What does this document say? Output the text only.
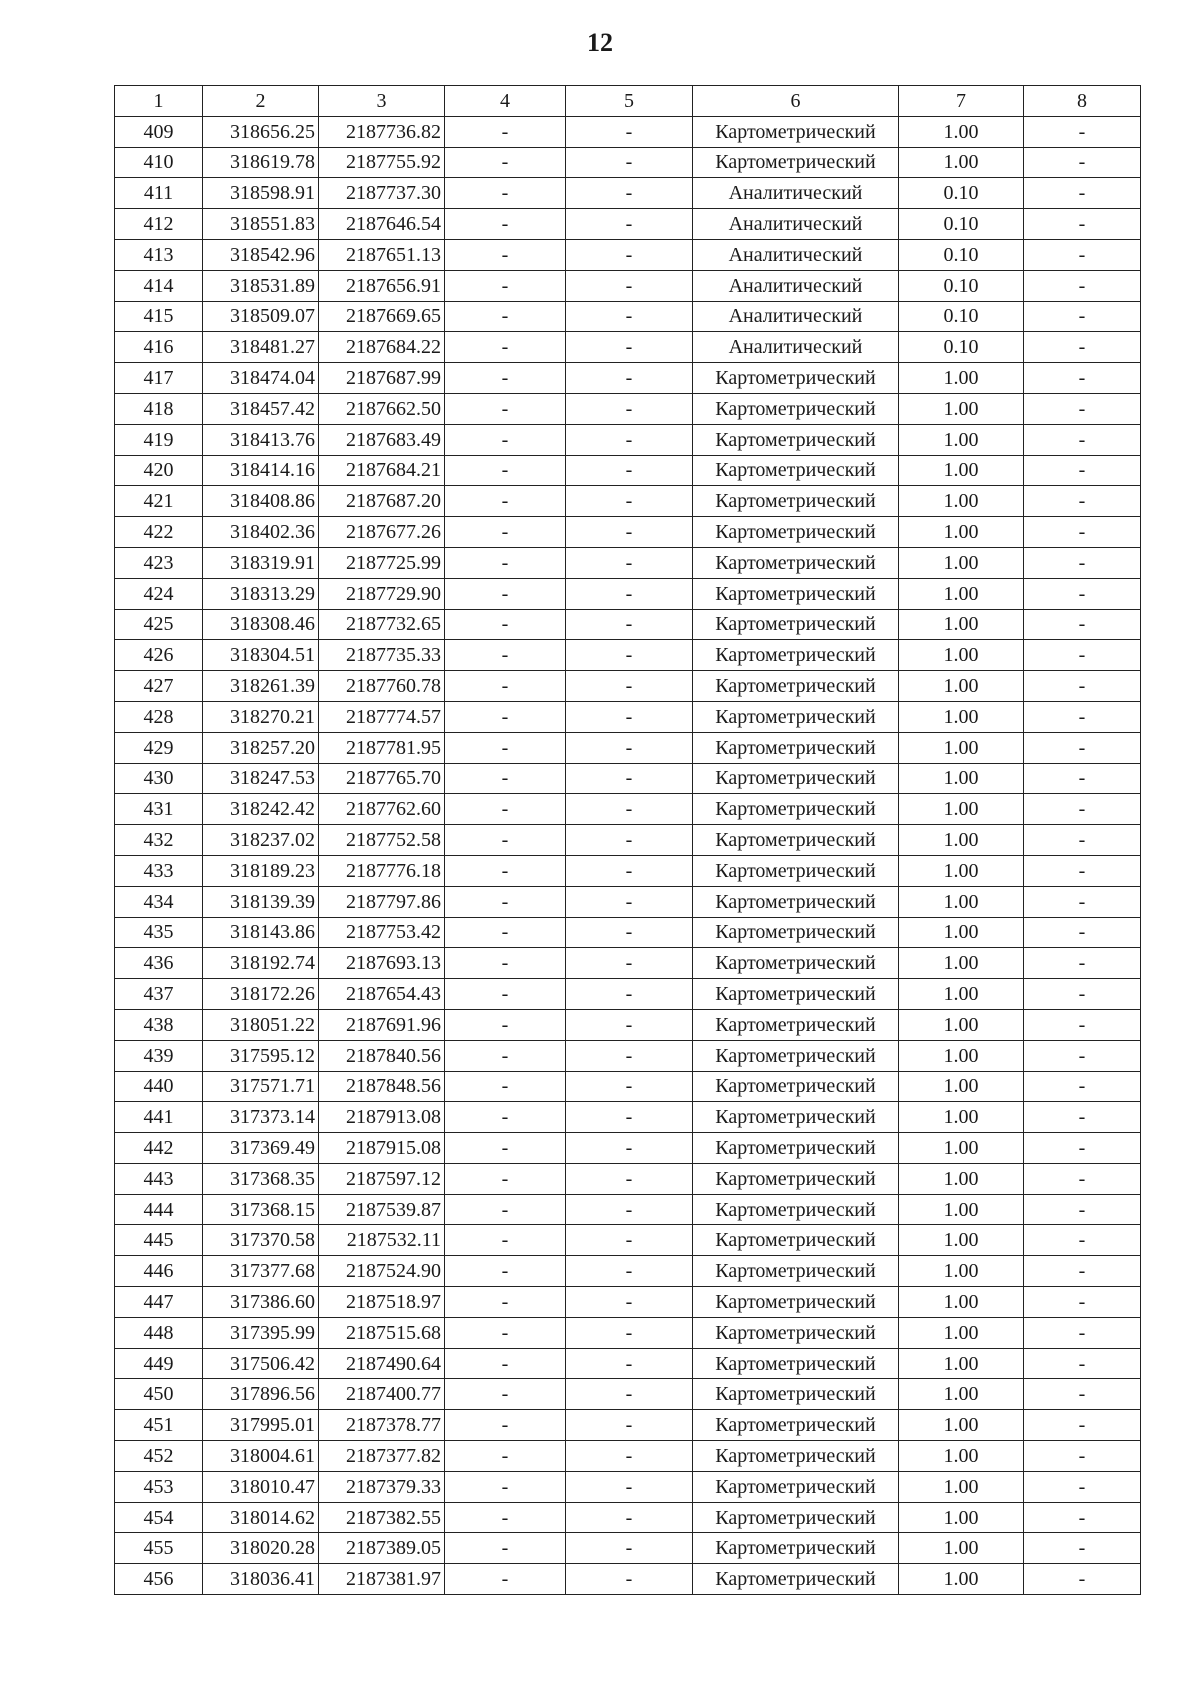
12
1	2	3	4	5	6	7	8
409	318656.25	2187736.82	-	-	Картометрический	1.00	-
410	318619.78	2187755.92	-	-	Картометрический	1.00	-
411	318598.91	2187737.30	-	-	Аналитический	0.10	-
412	318551.83	2187646.54	-	-	Аналитический	0.10	-
413	318542.96	2187651.13	-	-	Аналитический	0.10	-
414	318531.89	2187656.91	-	-	Аналитический	0.10	-
415	318509.07	2187669.65	-	-	Аналитический	0.10	-
416	318481.27	2187684.22	-	-	Аналитический	0.10	-
417	318474.04	2187687.99	-	-	Картометрический	1.00	-
418	318457.42	2187662.50	-	-	Картометрический	1.00	-
419	318413.76	2187683.49	-	-	Картометрический	1.00	-
420	318414.16	2187684.21	-	-	Картометрический	1.00	-
421	318408.86	2187687.20	-	-	Картометрический	1.00	-
422	318402.36	2187677.26	-	-	Картометрический	1.00	-
423	318319.91	2187725.99	-	-	Картометрический	1.00	-
424	318313.29	2187729.90	-	-	Картометрический	1.00	-
425	318308.46	2187732.65	-	-	Картометрический	1.00	-
426	318304.51	2187735.33	-	-	Картометрический	1.00	-
427	318261.39	2187760.78	-	-	Картометрический	1.00	-
428	318270.21	2187774.57	-	-	Картометрический	1.00	-
429	318257.20	2187781.95	-	-	Картометрический	1.00	-
430	318247.53	2187765.70	-	-	Картометрический	1.00	-
431	318242.42	2187762.60	-	-	Картометрический	1.00	-
432	318237.02	2187752.58	-	-	Картометрический	1.00	-
433	318189.23	2187776.18	-	-	Картометрический	1.00	-
434	318139.39	2187797.86	-	-	Картометрический	1.00	-
435	318143.86	2187753.42	-	-	Картометрический	1.00	-
436	318192.74	2187693.13	-	-	Картометрический	1.00	-
437	318172.26	2187654.43	-	-	Картометрический	1.00	-
438	318051.22	2187691.96	-	-	Картометрический	1.00	-
439	317595.12	2187840.56	-	-	Картометрический	1.00	-
440	317571.71	2187848.56	-	-	Картометрический	1.00	-
441	317373.14	2187913.08	-	-	Картометрический	1.00	-
442	317369.49	2187915.08	-	-	Картометрический	1.00	-
443	317368.35	2187597.12	-	-	Картометрический	1.00	-
444	317368.15	2187539.87	-	-	Картометрический	1.00	-
445	317370.58	2187532.11	-	-	Картометрический	1.00	-
446	317377.68	2187524.90	-	-	Картометрический	1.00	-
447	317386.60	2187518.97	-	-	Картометрический	1.00	-
448	317395.99	2187515.68	-	-	Картометрический	1.00	-
449	317506.42	2187490.64	-	-	Картометрический	1.00	-
450	317896.56	2187400.77	-	-	Картометрический	1.00	-
451	317995.01	2187378.77	-	-	Картометрический	1.00	-
452	318004.61	2187377.82	-	-	Картометрический	1.00	-
453	318010.47	2187379.33	-	-	Картометрический	1.00	-
454	318014.62	2187382.55	-	-	Картометрический	1.00	-
455	318020.28	2187389.05	-	-	Картометрический	1.00	-
456	318036.41	2187381.97	-	-	Картометрический	1.00	-
